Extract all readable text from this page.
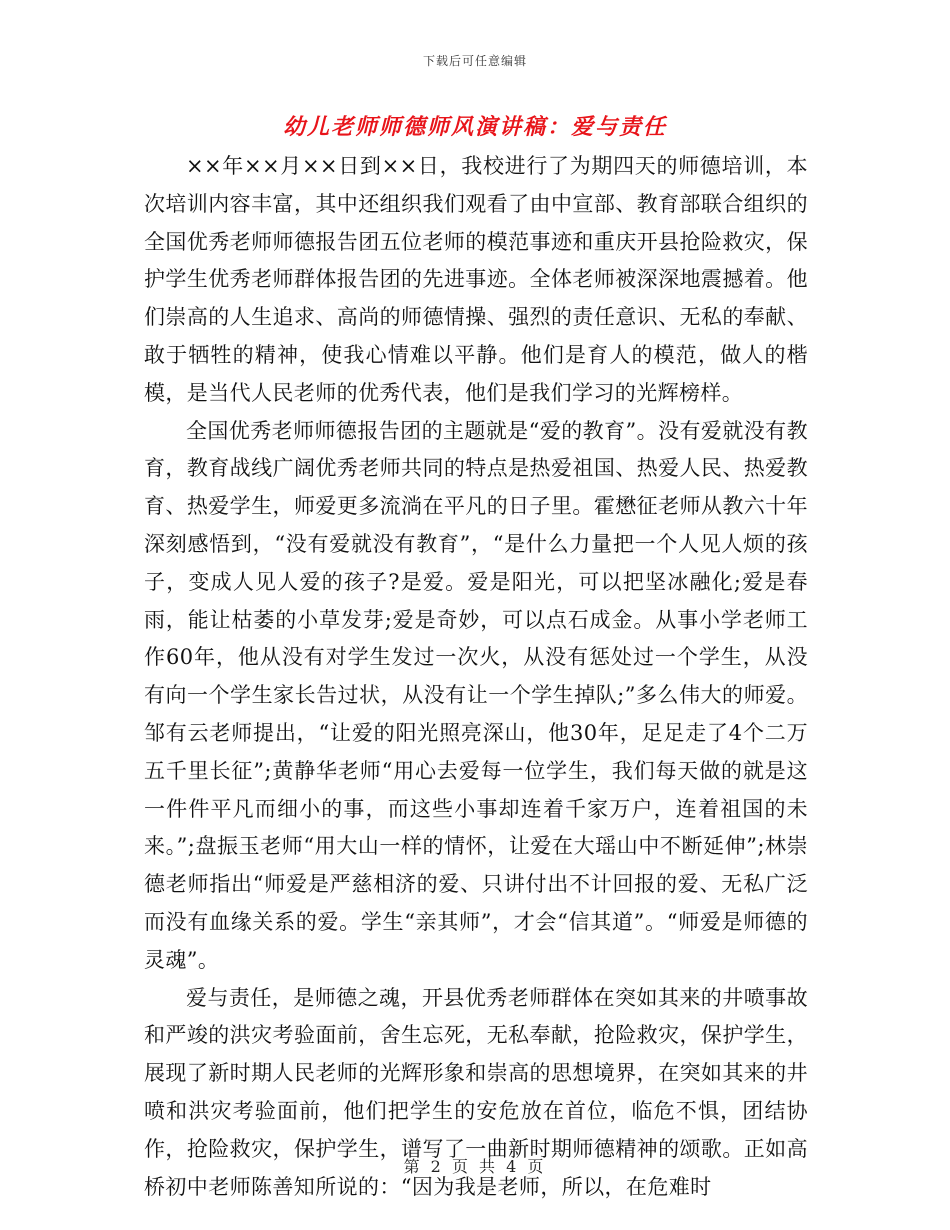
下载后可任意编辑
幼儿老师师德师风演讲稿：爱与责任

××年××月××日到××日，我校进行了为期四天的师德培训，本次培训内容丰富，其中还组织我们观看了由中宣部、教育部联合组织的全国优秀老师师德报告团五位老师的模范事迹和重庆开县抢险救灾，保护学生优秀老师群体报告团的先进事迹。全体老师被深深地震撼着。他们崇高的人生追求、高尚的师德情操、强烈的责任意识、无私的奉献、敢于牺牲的精神，使我心情难以平静。他们是育人的模范，做人的楷模，是当代人民老师的优秀代表，他们是我们学习的光辉榜样。

全国优秀老师师德报告团的主题就是“爱的教育”。没有爱就没有教育，教育战线广阔优秀老师共同的特点是热爱祖国、热爱人民、热爱教育、热爱学生，师爱更多流淌在平凡的日子里。霍懋征老师从教六十年深刻感悟到，“没有爱就没有教育”，“是什么力量把一个人见人烦的孩子，变成人见人爱的孩子?是爱。爱是阳光，可以把坚冰融化;爱是春雨，能让枯萎的小草发芽;爱是奇妙，可以点石成金。从事小学老师工作60年，他从没有对学生发过一次火，从没有惩处过一个学生，从没有向一个学生家长告过状，从没有让一个学生掉队;”多么伟大的师爱。邹有云老师提出，“让爱的阳光照亮深山，他30年，足足走了4个二万五千里长征”;黄静华老师“用心去爱每一位学生，我们每天做的就是这一件件平凡而细小的事，而这些小事却连着千家万户，连着祖国的未来。”;盘振玉老师“用大山一样的情怀，让爱在大瑶山中不断延伸”;林崇德老师指出“师爱是严慈相济的爱、只讲付出不计回报的爱、无私广泛而没有血缘关系的爱。学生“亲其师”，才会“信其道”。“师爱是师德的灵魂”。

爱与责任，是师德之魂，开县优秀老师群体在突如其来的井喷事故和严竣的洪灾考验面前，舍生忘死，无私奉献，抢险救灾，保护学生，展现了新时期人民老师的光辉形象和崇高的思想境界，在突如其来的井喷和洪灾考验面前，他们把学生的安危放在首位，临危不惧，团结协作，抢险救灾，保护学生，谱写了一曲新时期师德精神的颂歌。正如高桥初中老师陈善知所说的：“因为我是老师，所以，在危难时

第 2 页 共 4 页
